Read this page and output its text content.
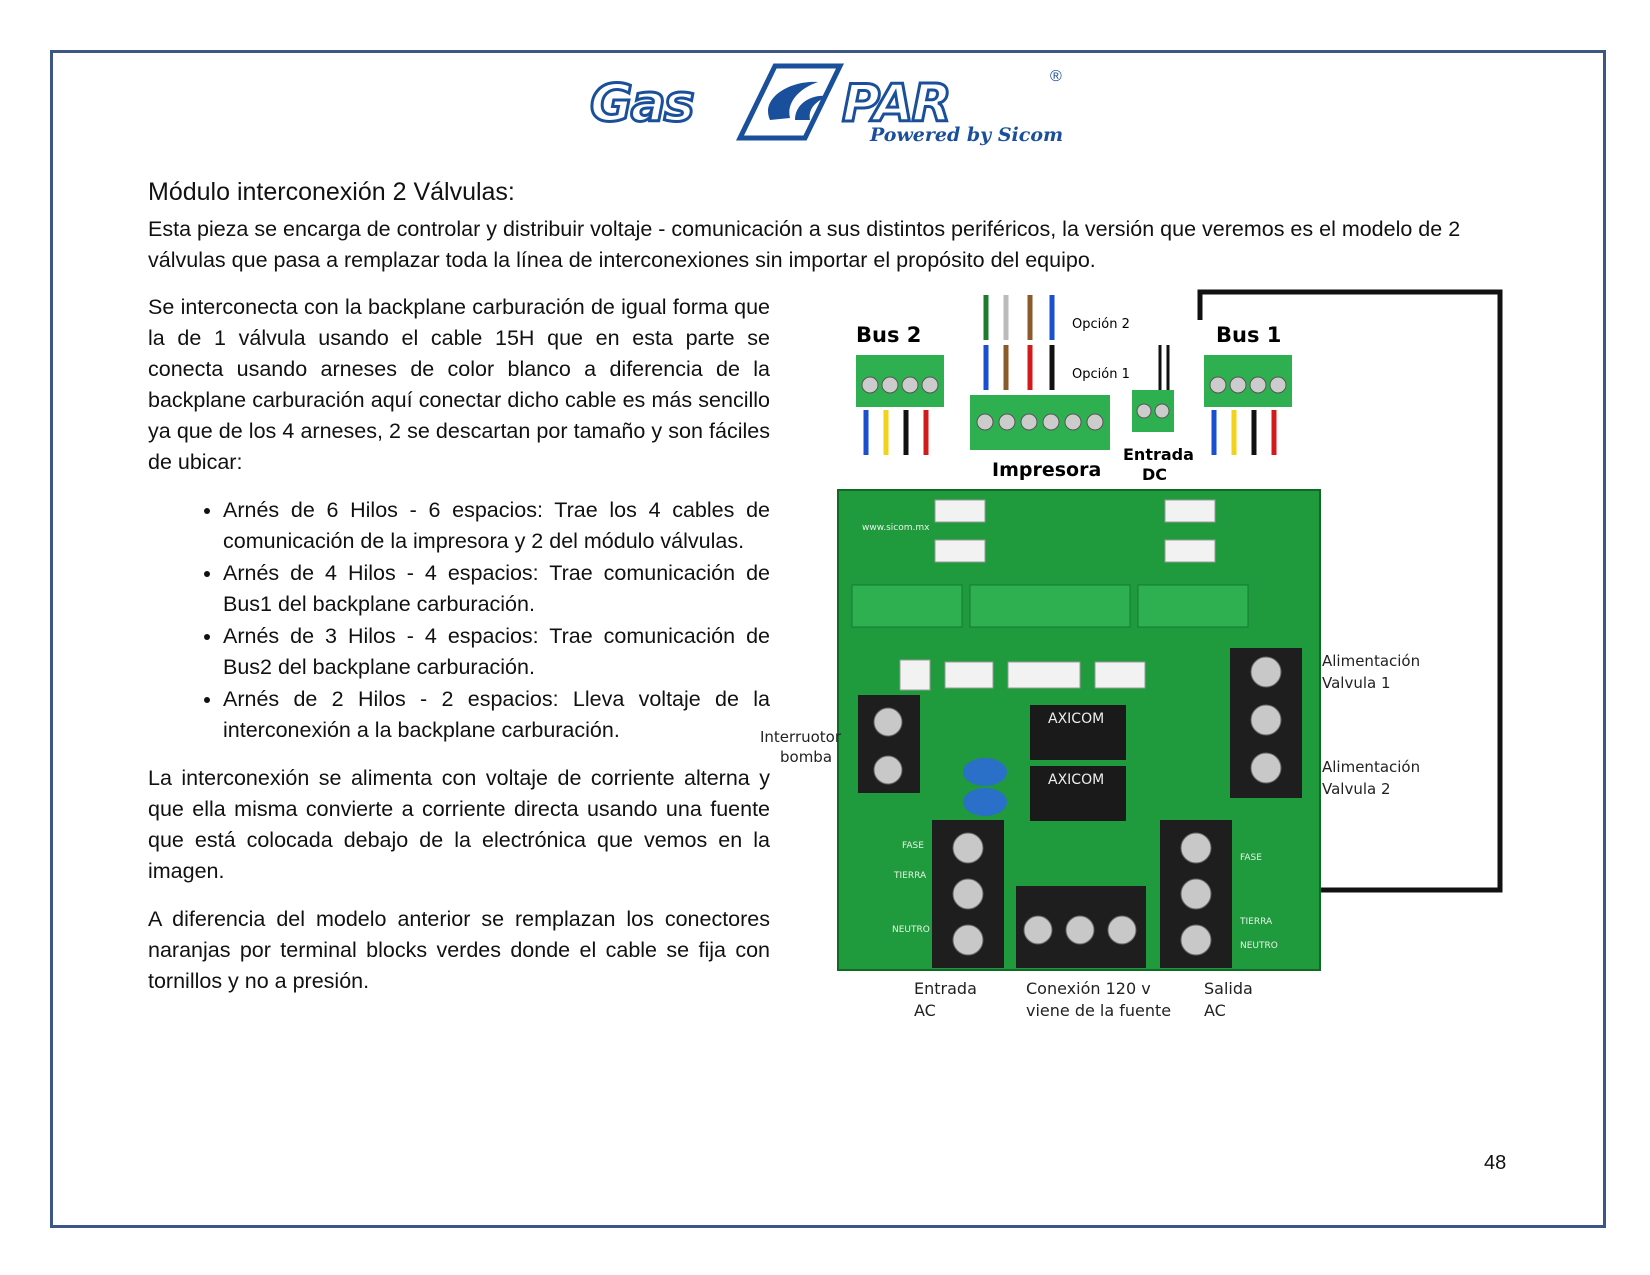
Gas	PAR	®
Powered by Sicom
Módulo interconexión 2 Válvulas:

Esta pieza se encarga de controlar y distribuir voltaje - comunicación a sus distintos periféricos, la versión que veremos es el modelo de 2 válvulas que pasa a remplazar toda la línea de interconexiones sin importar el propósito del equipo.

Se interconecta con la backplane carburación de igual forma que la de 1 válvula usando el cable 15H que en esta parte se conecta usando arneses de color blanco a diferencia de la backplane carburación aquí conectar dicho cable es más sencillo ya que de los 4 arneses, 2 se descartan por tamaño y son fáciles de ubicar:

• Arnés de 6 Hilos - 6 espacios: Trae los 4 cables de comunicación de la impresora y 2 del módulo válvulas.
• Arnés de 4 Hilos - 4 espacios: Trae comunicación de Bus1 del backplane carburación.
• Arnés de 3 Hilos - 4 espacios: Trae comunicación de Bus2 del backplane carburación.
• Arnés de 2 Hilos - 2 espacios: Lleva voltaje de la interconexión a la backplane carburación.

La interconexión se alimenta con voltaje de corriente alterna y que ella misma convierte a corriente directa usando una fuente que está colocada debajo de la electrónica que vemos en la imagen.

A diferencia del modelo anterior se remplazan los conectores naranjas por terminal blocks verdes donde el cable se fija con tornillos y no a presión.

Bus 2	Opción 2
Opción 1
Impresora
Entrada
DC
Bus 1
www.sicom.mx
AXICOM
AXICOM
FASE
TIERRA
NEUTRO
FASE
TIERRA
NEUTRO
Interruotor
bomba
Alimentación
Valvula 1
Alimentación
Valvula 2
Entrada
AC
Conexión 120 v
viene de la fuente
Salida
AC
48
